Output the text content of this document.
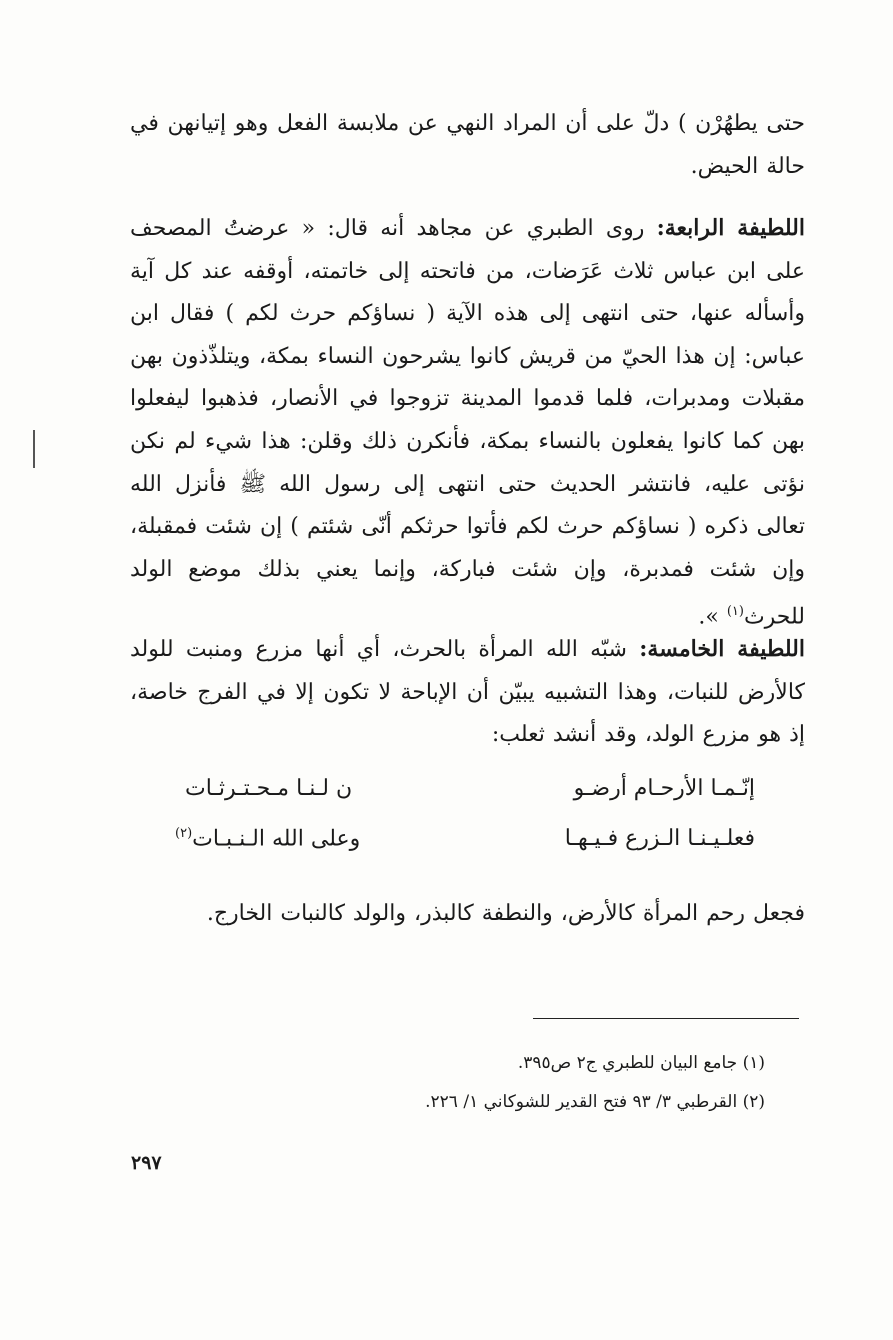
حتى يطهُرْن ) دلّ على أن المراد النهي عن ملابسة الفعل وهو إتيانهن في حالة الحيض.
اللطيفة الرابعة: روى الطبري عن مجاهد أنه قال: « عرضتُ المصحف على ابن عباس ثلاث عَرَضات، من فاتحته إلى خاتمته، أوقفه عند كل آية وأسأله عنها، حتى انتهى إلى هذه الآية ( نساؤكم حرث لكم ) فقال ابن عباس: إن هذا الحيّ من قريش كانوا يشرحون النساء بمكة، ويتلذّذون بهن مقبلات ومدبرات، فلما قدموا المدينة تزوجوا في الأنصار، فذهبوا ليفعلوا بهن كما كانوا يفعلون بالنساء بمكة، فأنكرن ذلك وقلن: هذا شيء لم نكن نؤتى عليه، فانتشر الحديث حتى انتهى إلى رسول الله ﷺ فأنزل الله تعالى ذكره ( نساؤكم حرث لكم فأتوا حرثكم أنّى شئتم ) إن شئت فمقبلة، وإن شئت فمدبرة، وإن شئت فباركة، وإنما يعني بذلك موضع الولد للحرث$^{(١)}$ ».
اللطيفة الخامسة: شبّه الله المرأة بالحرث، أي أنها مزرع ومنبت للولد كالأرض للنبات، وهذا التشبيه يبيّن أن الإباحة لا تكون إلا في الفرج خاصة، إذ هو مزرع الولد، وقد أنشد ثعلب:
إنّـمـا الأرحـام أرضـو
ن لـنـا مـحـتـرثـات
فعلـيـنـا الـزرع فـيـهـا
وعلى الله الـنـبـات$^{(٢)}$
فجعل رحم المرأة كالأرض، والنطفة كالبذر، والولد كالنبات الخارج.
(١) جامع البيان للطبري ج٢ ص٣٩٥.
(٢) القرطبي ٣/ ٩٣ فتح القدير للشوكاني ١/ ٢٢٦.
٢٩٧
